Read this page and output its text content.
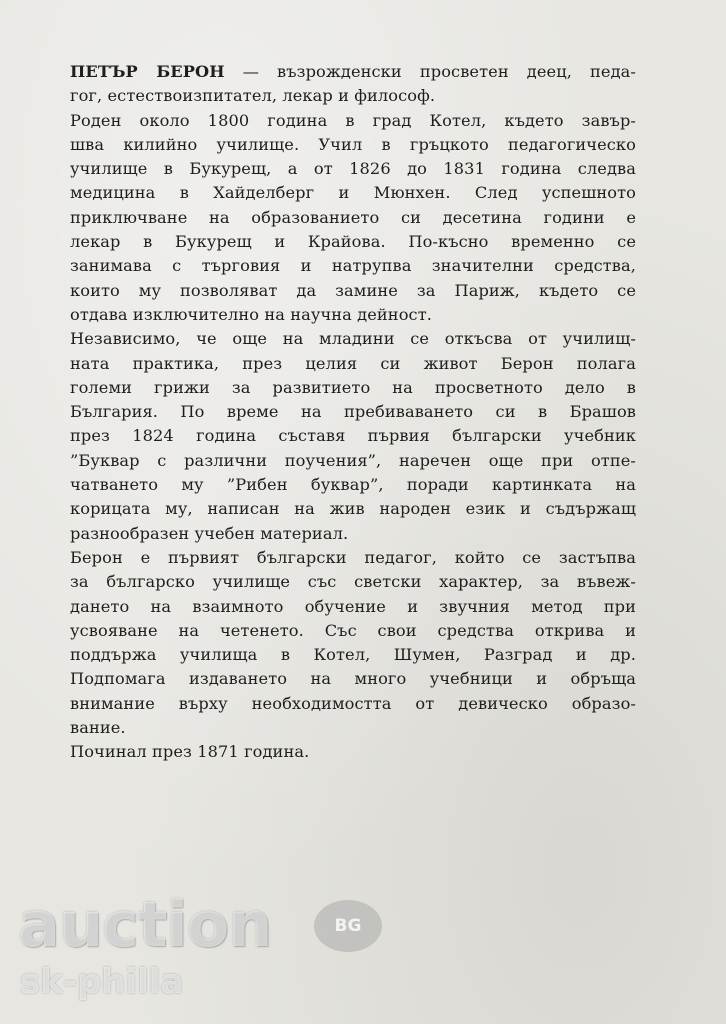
ПЕТЪР БЕРОН — възрожденски просветен деец, педа-
гог, естествоизпитател, лекар и философ.
Роден около 1800 година в град Котел, където завър-
шва килийно училище. Учил в гръцкото педагогическо
училище в Букурещ, а от 1826 до 1831 година следва
медицина в Хайделберг и Мюнхен. След успешното
приключване на образованието си десетина години е
лекар в Букурещ и Крайова. По-късно временно се
занимава с търговия и натрупва значителни средства,
които му позволяват да замине за Париж, където се
отдава изключително на научна дейност.
Независимо, че още на младини се откъсва от училищ-
ната практика, през целия си живот Берон полага
големи грижи за развитието на просветното дело в
България. По време на пребиваването си в Брашов
през 1824 година съставя първия български учебник
”Буквар с различни поучения”, наречен още при отпе-
чатването му ”Рибен буквар”, поради картинката на
корицата му, написан на жив народен език и съдържащ
разнообразен учебен материал.
Берон е първият български педагог, който се застъпва
за българско училище със светски характер, за въвеж-
дането на взаимното обучение и звучния метод при
усвояване на четенето. Със свои средства открива и
поддържа училища в Котел, Шумен, Разград и др.
Подпомага издаването на много учебници и обръща
внимание върху необходимостта от девическо образо-
вание.
Починал през 1871 година.
auction	BG
sk-philla
